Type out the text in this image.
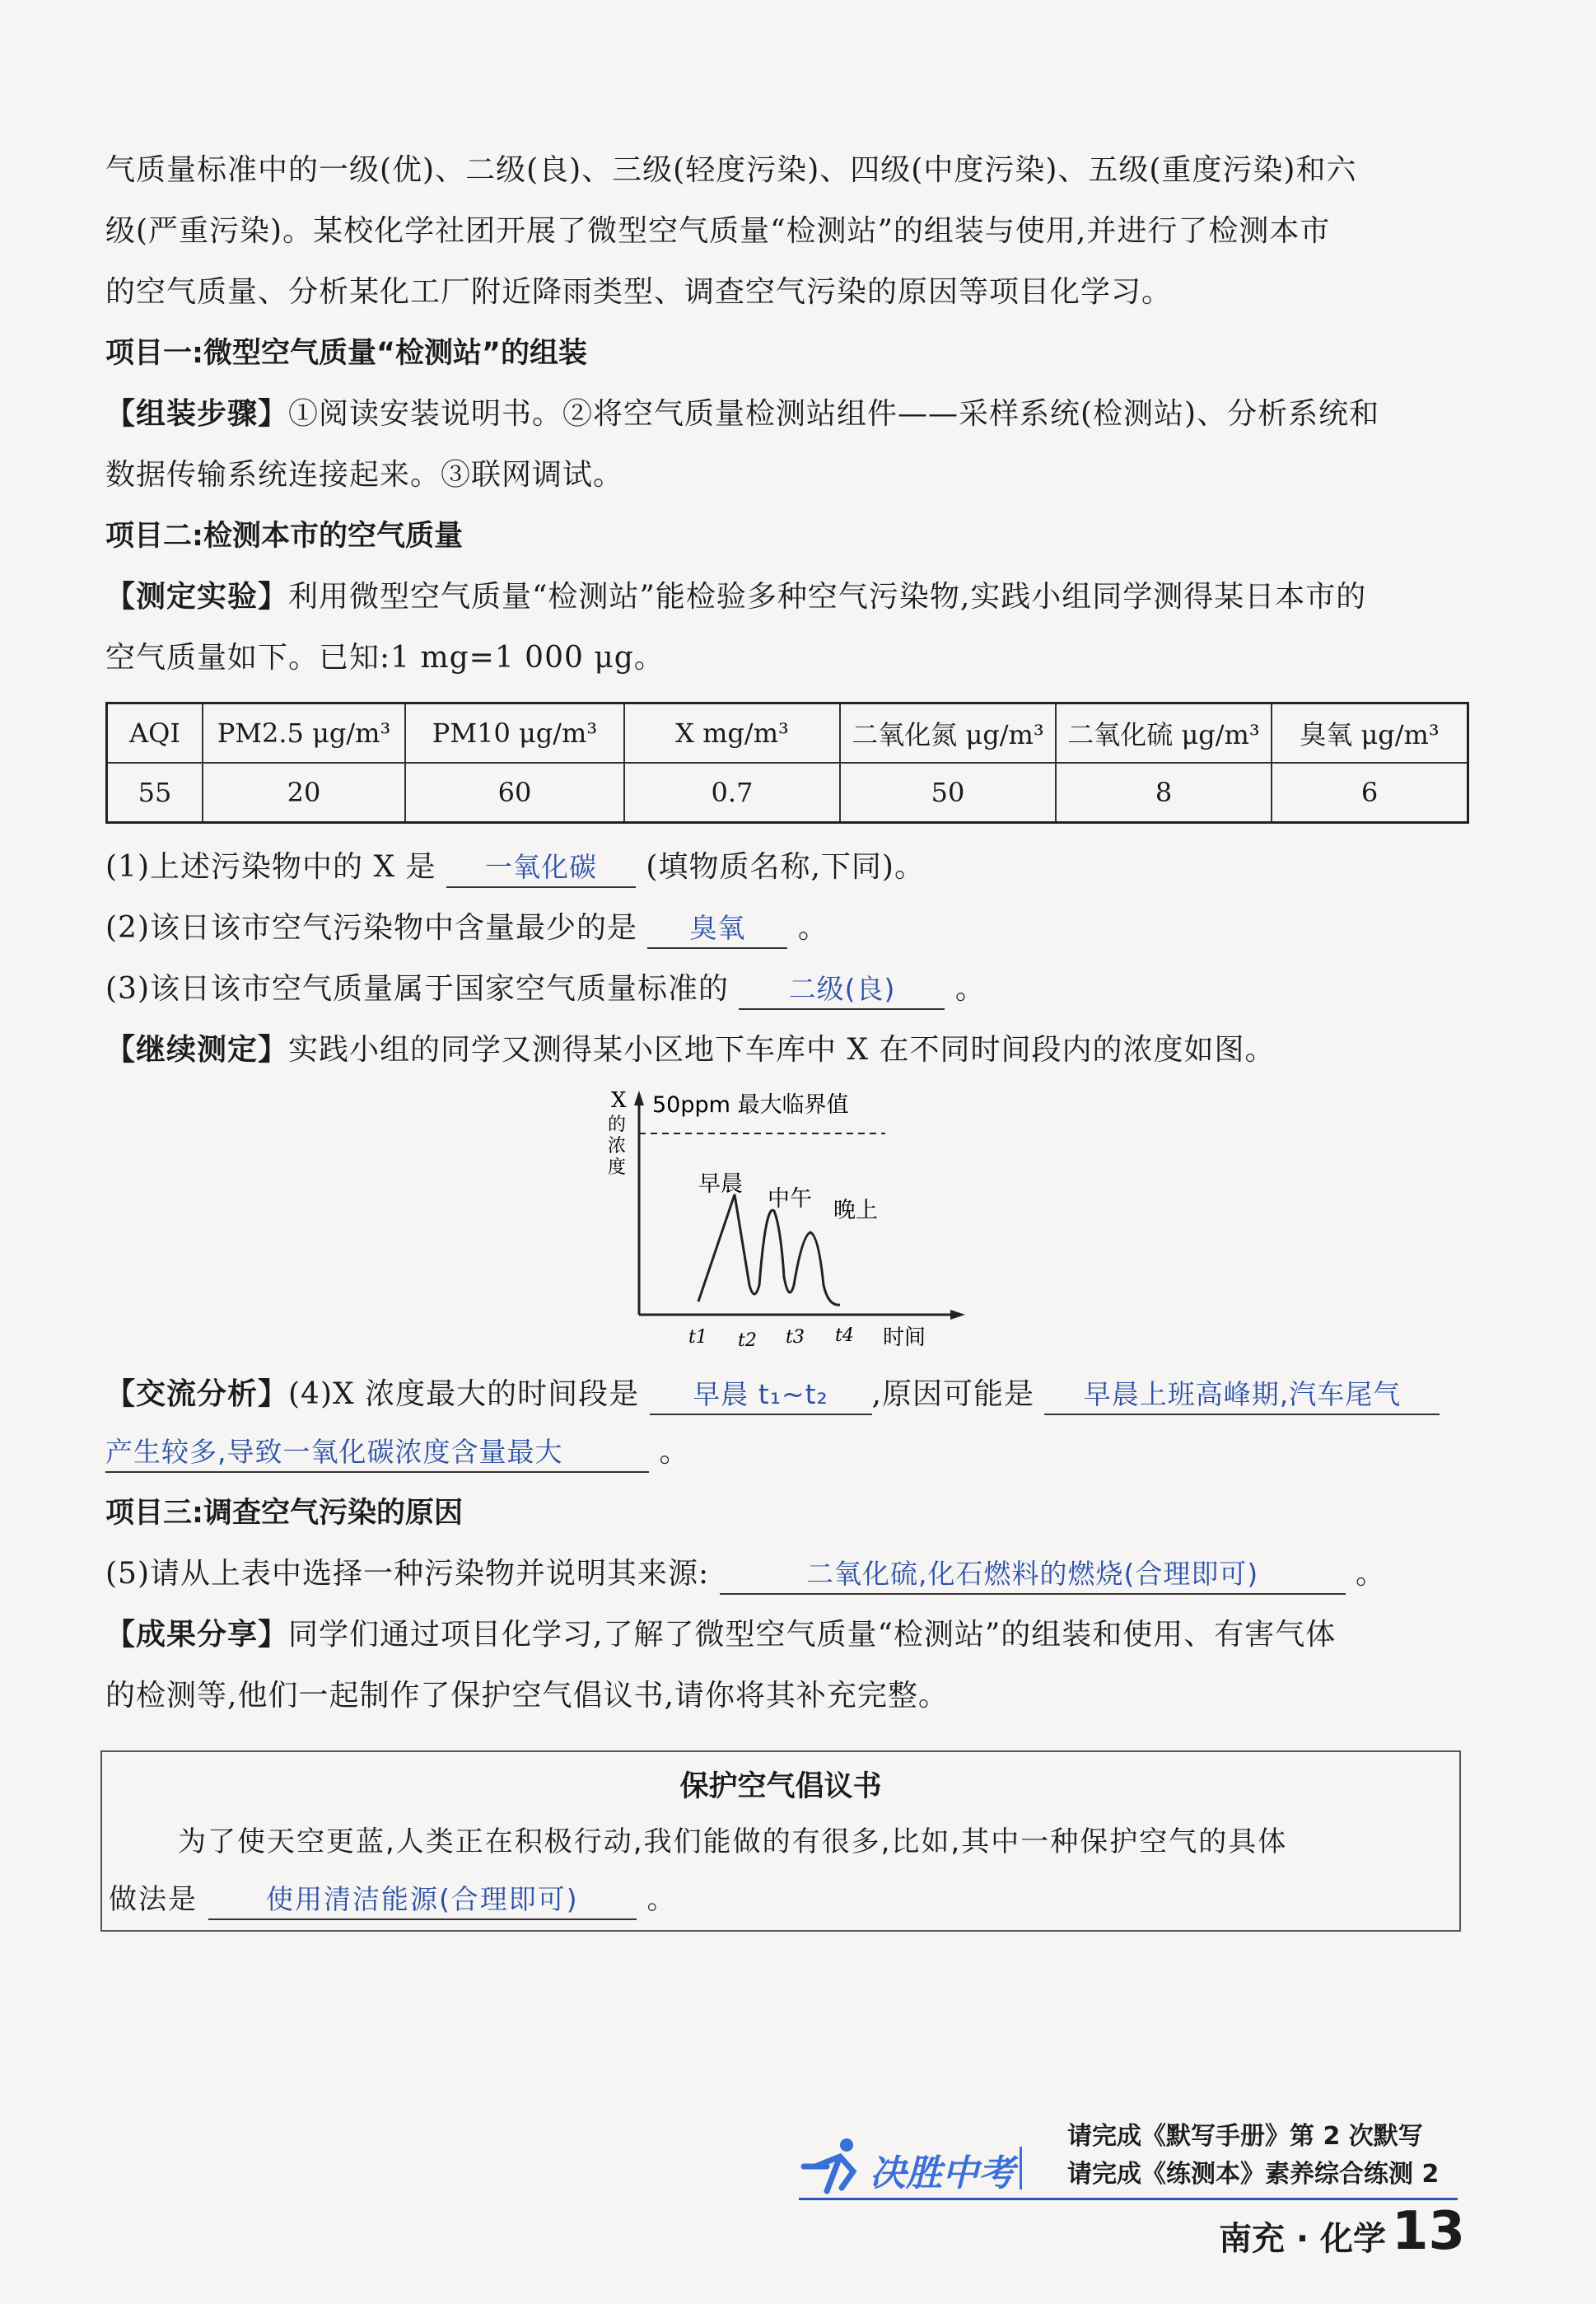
气质量标准中的一级(优)、二级(良)、三级(轻度污染)、四级(中度污染)、五级(重度污染)和六
级(严重污染)。某校化学社团开展了微型空气质量“检测站”的组装与使用,并进行了检测本市
的空气质量、分析某化工厂附近降雨类型、调查空气污染的原因等项目化学习。
项目一:微型空气质量“检测站”的组装
【组装步骤】①阅读安装说明书。②将空气质量检测站组件——采样系统(检测站)、分析系统和
数据传输系统连接起来。③联网调试。
项目二:检测本市的空气质量
【测定实验】利用微型空气质量“检测站”能检验多种空气污染物,实践小组同学测得某日本市的
空气质量如下。已知:1 mg=1 000 μg。
AQI	PM2.5 μg/m³	PM10 μg/m³	X mg/m³	二氧化氮 μg/m³	二氧化硫 μg/m³	臭氧 μg/m³
55	20	60	0.7	50	8	6
(1)上述污染物中的 X 是 一氧化碳 (填物质名称,下同)。
(2)该日该市空气污染物中含量最少的是 臭氧 。
(3)该日该市空气质量属于国家空气质量标准的 二级(良) 。
【继续测定】实践小组的同学又测得某小区地下车库中 X 在不同时间段内的浓度如图。
X 的浓度
50ppm 最大临界值
早晨
中午 晚上
t1 t2 t3 t4 时间
【交流分析】(4)X 浓度最大的时间段是 早晨 t₁~t₂ ,原因可能是 早晨上班高峰期,汽车尾气
产生较多,导致一氧化碳浓度含量最大	。
项目三:调查空气污染的原因
(5)请从上表中选择一种污染物并说明其来源:	二氧化硫,化石燃料的燃烧(合理即可)	。
【成果分享】同学们通过项目化学习,了解了微型空气质量“检测站”的组装和使用、有害气体
的检测等,他们一起制作了保护空气倡议书,请你将其补充完整。
保护空气倡议书
为了使天空更蓝,人类正在积极行动,我们能做的有很多,比如,其中一种保护空气的具体
做法是	使用清洁能源(合理即可) 。
决胜中考
请完成《默写手册》第 2 次默写
请完成《练测本》素养综合练测 2
南充 · 化学 13
